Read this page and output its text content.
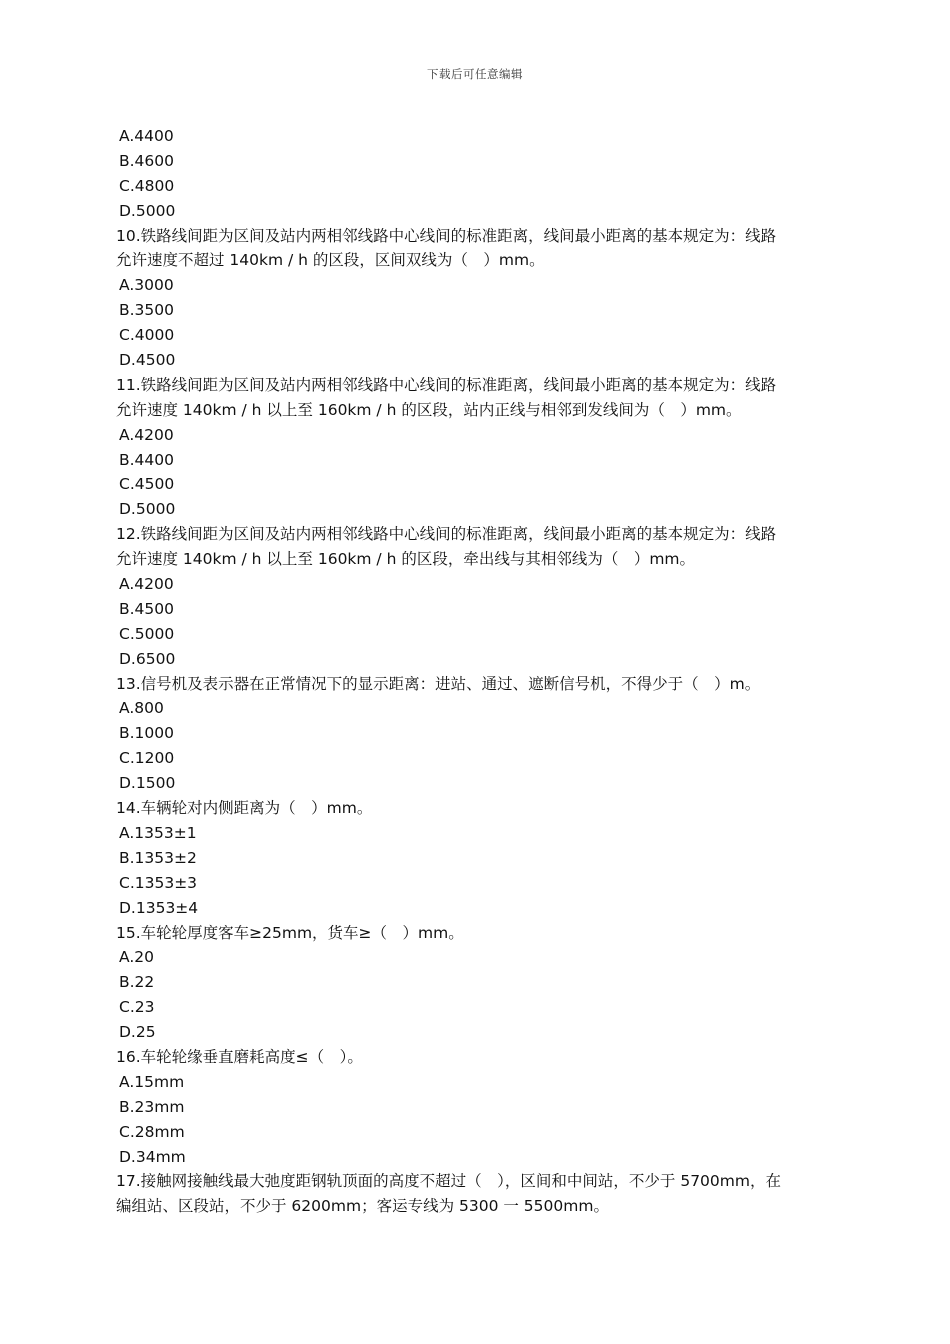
下载后可任意编辑
A.4400
B.4600
C.4800
D.5000
10.铁路线间距为区间及站内两相邻线路中心线间的标准距离，线间最小距离的基本规定为：线路
允许速度不超过 140km / h 的区段，区间双线为（　）mm。
A.3000
B.3500
C.4000
D.4500
11.铁路线间距为区间及站内两相邻线路中心线间的标准距离，线间最小距离的基本规定为：线路
允许速度 140km / h 以上至 160km / h 的区段，站内正线与相邻到发线间为（　）mm。
A.4200
B.4400
C.4500
D.5000
12.铁路线间距为区间及站内两相邻线路中心线间的标准距离，线间最小距离的基本规定为：线路
允许速度 140km / h 以上至 160km / h 的区段，牵出线与其相邻线为（　）mm。
A.4200
B.4500
C.5000
D.6500
13.信号机及表示器在正常情况下的显示距离：进站、通过、遮断信号机，不得少于（　）m。
A.800
B.1000
C.1200
D.1500
14.车辆轮对内侧距离为（　）mm。
A.1353±1
B.1353±2
C.1353±3
D.1353±4
15.车轮轮厚度客车≥25mm，货车≥（　）mm。
A.20
B.22
C.23
D.25
16.车轮轮缘垂直磨耗高度≤（　）。
A.15mm
B.23mm
C.28mm
D.34mm
17.接触网接触线最大弛度距钢轨顶面的高度不超过（　），区间和中间站，不少于 5700mm，在
编组站、区段站，不少于 6200mm；客运专线为 5300 一 5500mm。
